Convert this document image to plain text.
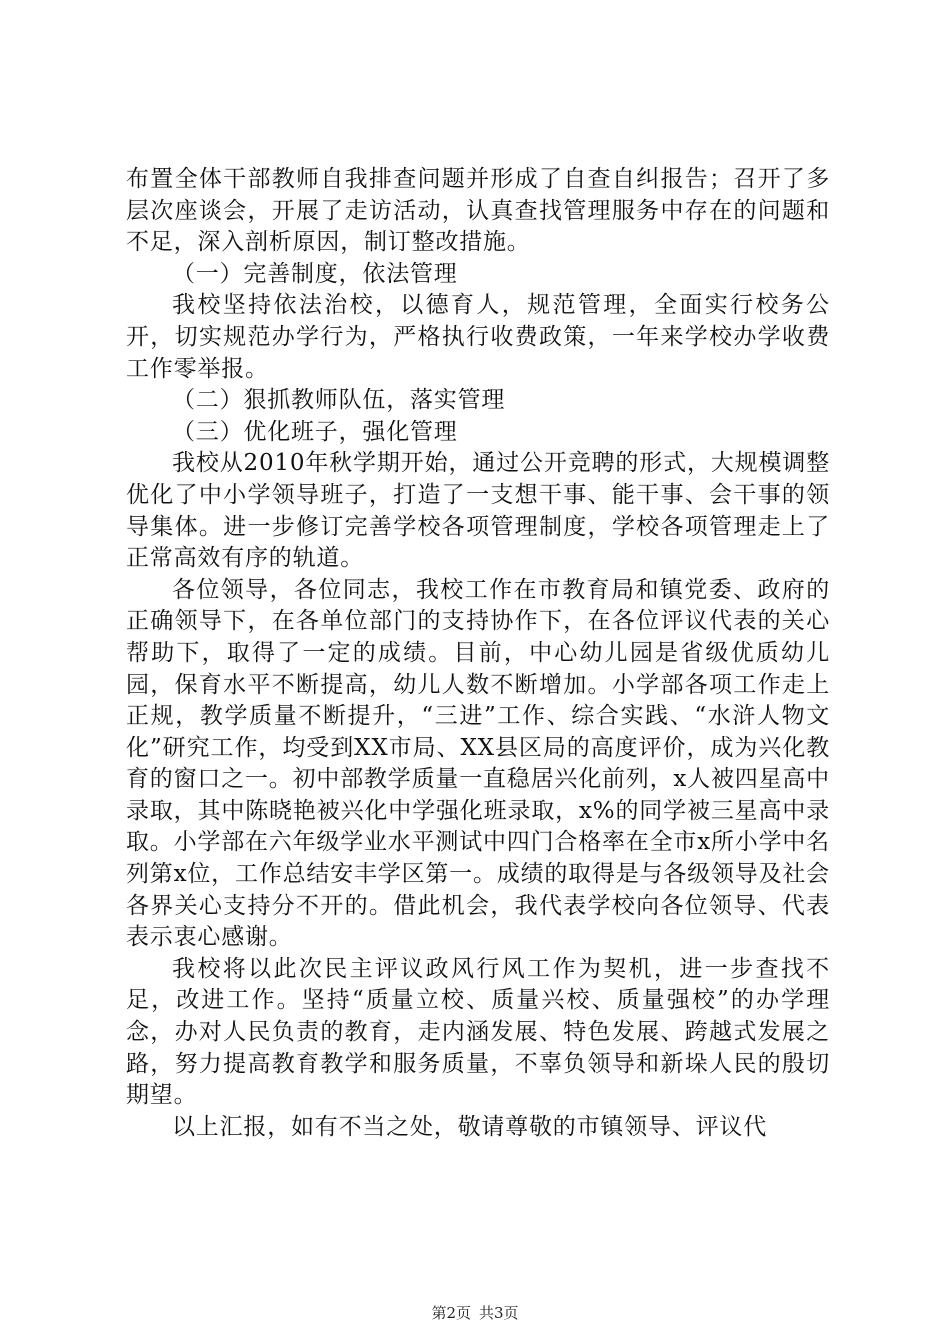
布置全体干部教师自我排查问题并形成了自查自纠报告；召开了多层次座谈会，开展了走访活动，认真查找管理服务中存在的问题和不足，深入剖析原因，制订整改措施。

（一）完善制度，依法管理

我校坚持依法治校，以德育人，规范管理，全面实行校务公开，切实规范办学行为，严格执行收费政策，一年来学校办学收费工作零举报。

（二）狠抓教师队伍，落实管理

（三）优化班子，强化管理

我校从2010年秋学期开始，通过公开竞聘的形式，大规模调整优化了中小学领导班子，打造了一支想干事、能干事、会干事的领导集体。进一步修订完善学校各项管理制度，学校各项管理走上了正常高效有序的轨道。

各位领导，各位同志，我校工作在市教育局和镇党委、政府的正确领导下，在各单位部门的支持协作下，在各位评议代表的关心帮助下，取得了一定的成绩。目前，中心幼儿园是省级优质幼儿园，保育水平不断提高，幼儿人数不断增加。小学部各项工作走上正规，教学质量不断提升，“三进”工作、综合实践、“水浒人物文化”研究工作，均受到XX市局、XX县区局的高度评价，成为兴化教育的窗口之一。初中部教学质量一直稳居兴化前列，x人被四星高中录取，其中陈晓艳被兴化中学强化班录取，x%的同学被三星高中录取。小学部在六年级学业水平测试中四门合格率在全市x所小学中名列第x位，工作总结安丰学区第一。成绩的取得是与各级领导及社会各界关心支持分不开的。借此机会，我代表学校向各位领导、代表表示衷心感谢。

我校将以此次民主评议政风行风工作为契机，进一步查找不足，改进工作。坚持“质量立校、质量兴校、质量强校”的办学理念，办对人民负责的教育，走内涵发展、特色发展、跨越式发展之路，努力提高教育教学和服务质量，不辜负领导和新垛人民的殷切期望。

以上汇报，如有不当之处，敬请尊敬的市镇领导、评议代

第2页 共3页
